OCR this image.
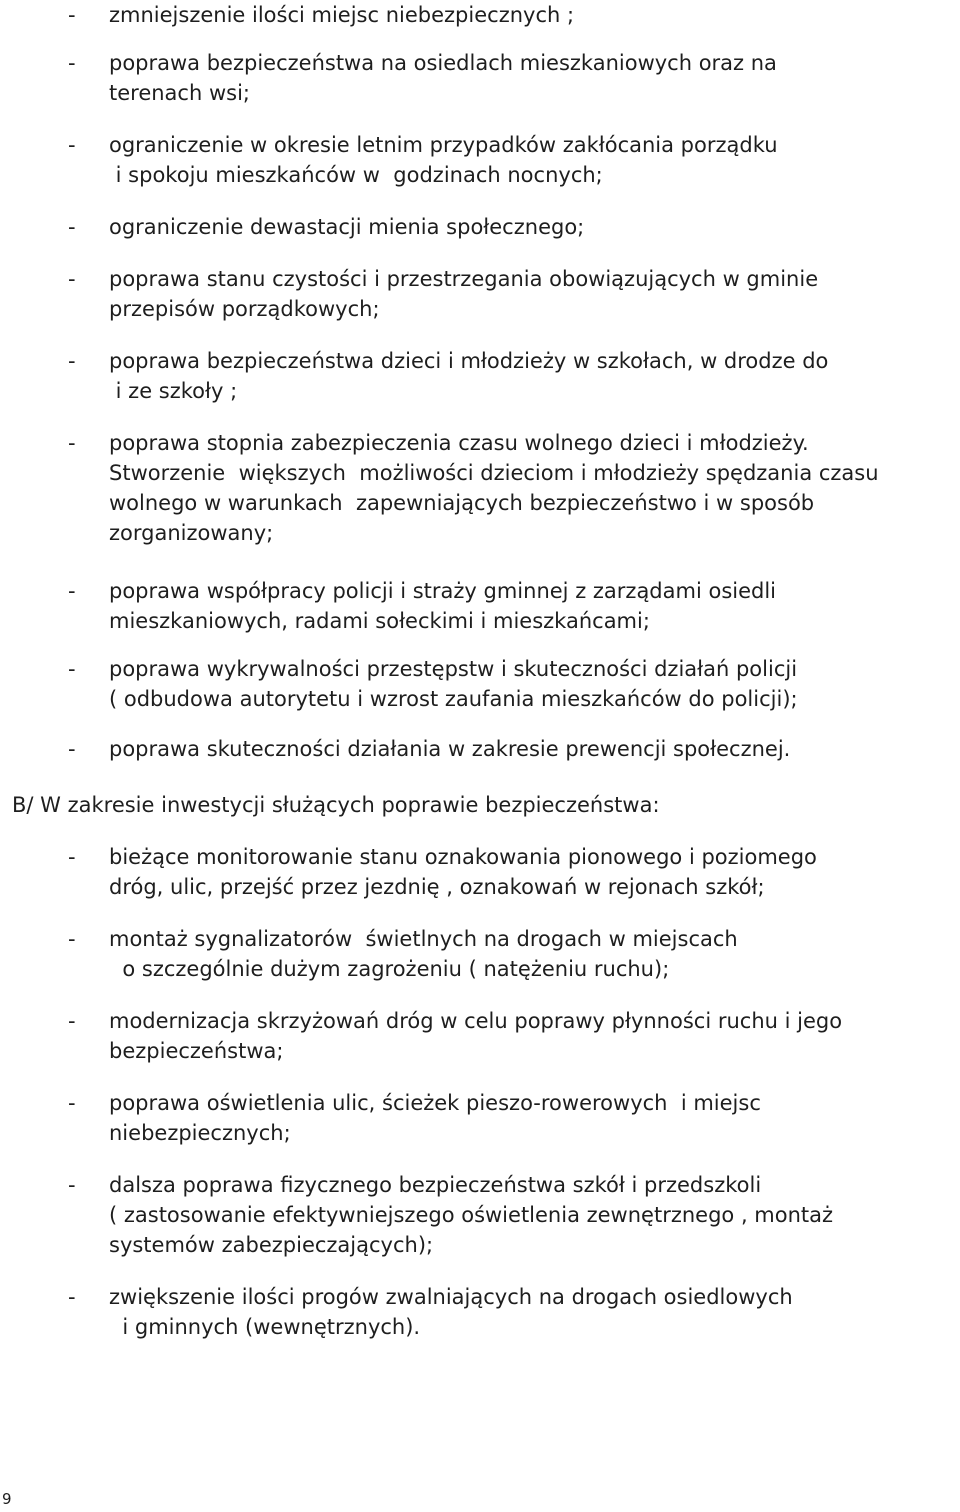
- zmniejszenie ilości miejsc niebezpiecznych ;
- poprawa bezpieczeństwa na osiedlach mieszkaniowych oraz na
terenach wsi;
- ograniczenie w okresie letnim przypadków zakłócania porządku
i spokoju mieszkańców w  godzinach nocnych;
- ograniczenie dewastacji mienia społecznego;
- poprawa stanu czystości i przestrzegania obowiązujących w gminie
przepisów porządkowych;
- poprawa bezpieczeństwa dzieci i młodzieży w szkołach, w drodze do
i ze szkoły ;
- poprawa stopnia zabezpieczenia czasu wolnego dzieci i młodzieży.
Stworzenie  większych  możliwości dzieciom i młodzieży spędzania czasu
wolnego w warunkach  zapewniających bezpieczeństwo i w sposób
zorganizowany;
- poprawa współpracy policji i straży gminnej z zarządami osiedli
mieszkaniowych, radami sołeckimi i mieszkańcami;
- poprawa wykrywalności przestępstw i skuteczności działań policji
( odbudowa autorytetu i wzrost zaufania mieszkańców do policji);
- poprawa skuteczności działania w zakresie prewencji społecznej.
B/ W zakresie inwestycji służących poprawie bezpieczeństwa:
- bieżące monitorowanie stanu oznakowania pionowego i poziomego
dróg, ulic, przejść przez jezdnię , oznakowań w rejonach szkół;
- montaż sygnalizatorów  świetlnych na drogach w miejscach
o szczególnie dużym zagrożeniu ( natężeniu ruchu);
- modernizacja skrzyżowań dróg w celu poprawy płynności ruchu i jego
bezpieczeństwa;
- poprawa oświetlenia ulic, ścieżek pieszo-rowerowych  i miejsc
niebezpiecznych;
- dalsza poprawa fizycznego bezpieczeństwa szkół i przedszkoli
( zastosowanie efektywniejszego oświetlenia zewnętrznego , montaż
systemów zabezpieczających);
- zwiększenie ilości progów zwalniających na drogach osiedlowych
i gminnych (wewnętrznych).
9
